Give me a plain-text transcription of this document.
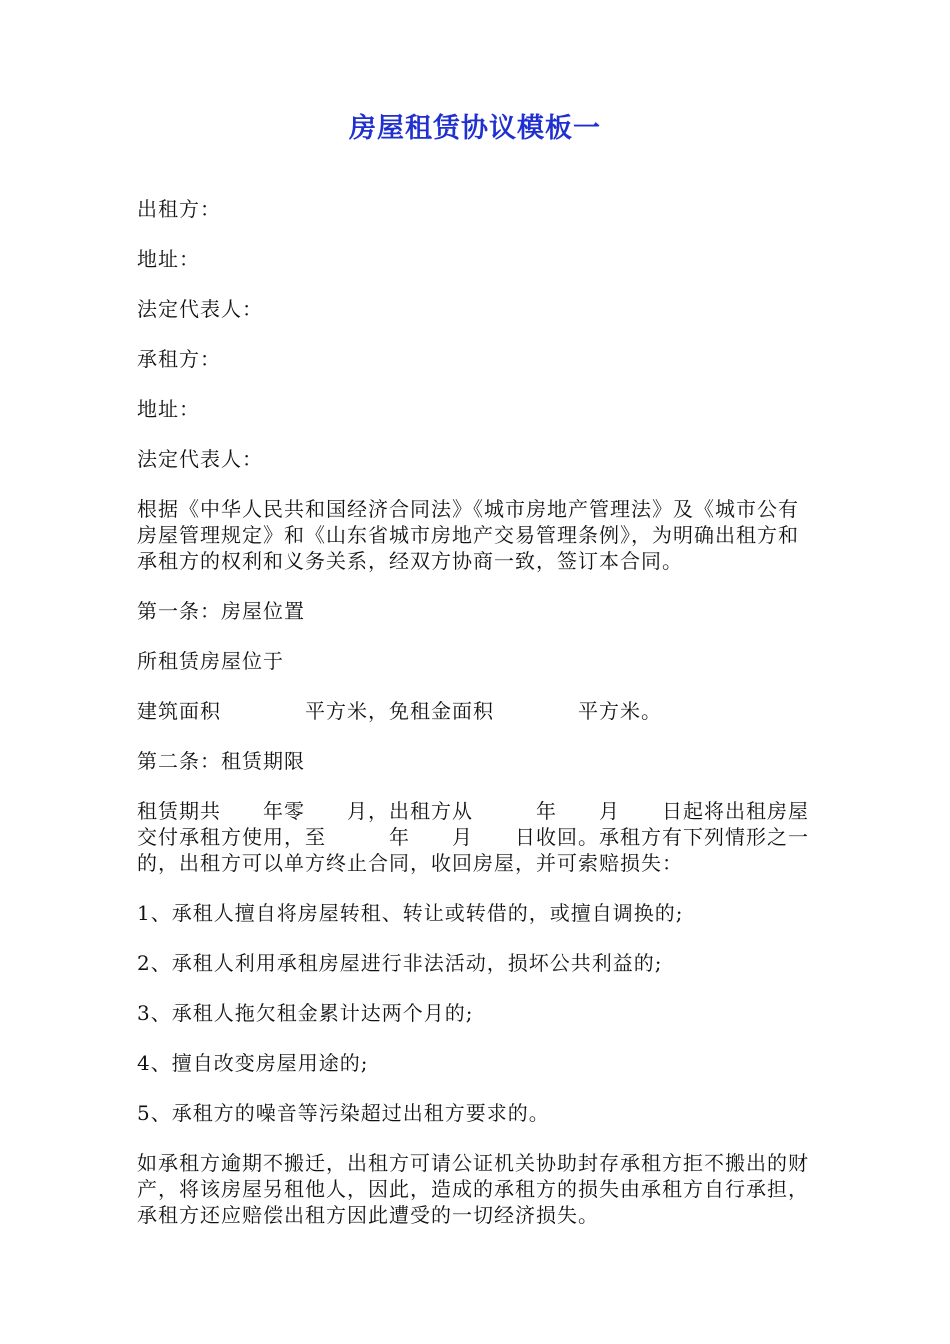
房屋租赁协议模板一

出租方：

地址：

法定代表人：

承租方：

地址：

法定代表人：

根据《中华人民共和国经济合同法》《城市房地产管理法》及《城市公有房屋管理规定》和《山东省城市房地产交易管理条例》，为明确出租方和承租方的权利和义务关系，经双方协商一致，签订本合同。

第一条：房屋位置

所租赁房屋位于

建筑面积　　　　平方米，免租金面积　　　　平方米。

第二条：租赁期限

租赁期共　　年零　　月，出租方从　　　年　　月　　日起将出租房屋交付承租方使用，至　　　年　　月　　日收回。承租方有下列情形之一的，出租方可以单方终止合同，收回房屋，并可索赔损失：

1、承租人擅自将房屋转租、转让或转借的，或擅自调换的;

2、承租人利用承租房屋进行非法活动，损坏公共利益的;

3、承租人拖欠租金累计达两个月的;

4、擅自改变房屋用途的;

5、承租方的噪音等污染超过出租方要求的。

如承租方逾期不搬迁，出租方可请公证机关协助封存承租方拒不搬出的财产，将该房屋另租他人，因此，造成的承租方的损失由承租方自行承担，承租方还应赔偿出租方因此遭受的一切经济损失。
